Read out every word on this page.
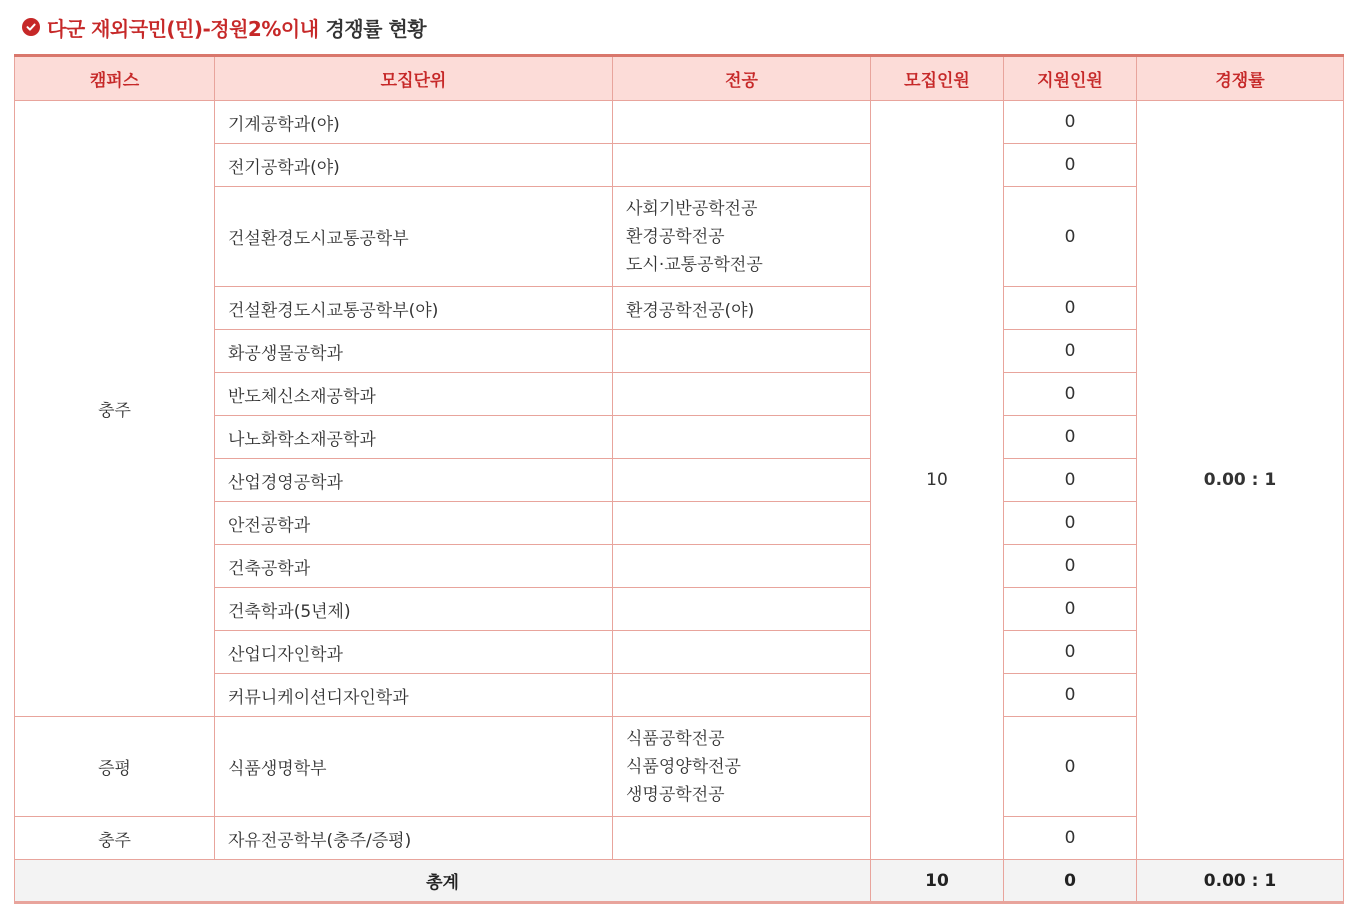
다군 재외국민(민)-정원2%이내 경쟁률 현황
캠퍼스	모집단위	전공	모집인원	지원인원	경쟁률
충주	기계공학과(야)		10	0	0.00 : 1
	전기공학과(야)			0	
	건설환경도시교통공학부	사회기반공학전공
환경공학전공
도시·교통공학전공		0	
	건설환경도시교통공학부(야)	환경공학전공(야)		0	
	화공생물공학과			0	
	반도체신소재공학과			0	
	나노화학소재공학과			0	
	산업경영공학과			0	
	안전공학과			0	
	건축공학과			0	
	건축학과(5년제)			0	
	산업디자인학과			0	
	커뮤니케이션디자인학과			0	
증평	식품생명학부	식품공학전공
식품영양학전공
생명공학전공		0	
충주	자유전공학부(충주/증평)			0	
총계			10	0	0.00 : 1
